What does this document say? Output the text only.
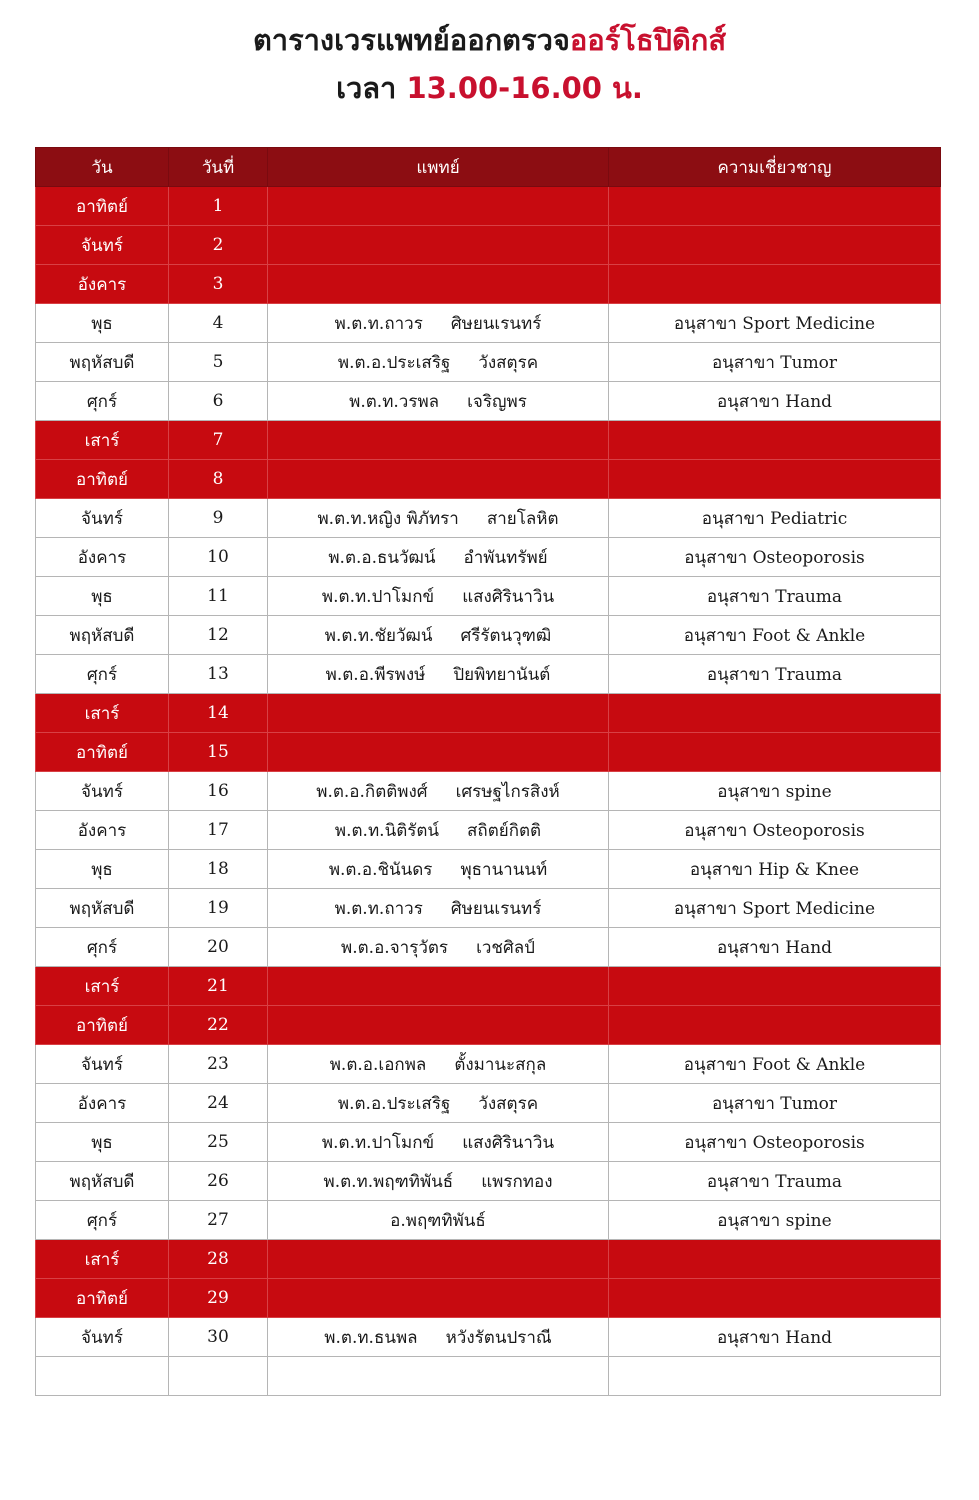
ตารางเวรแพทย์ออกตรวจออร์โธปิดิกส์
เวลา 13.00-16.00 น.
วัน	วันที่	แพทย์	ความเชี่ยวชาญ
อาทิตย์	1		
จันทร์	2		
อังคาร	3		
พุธ	4	พ.ต.ท.ถาวร ศิษยนเรนทร์	อนุสาขา Sport Medicine
พฤหัสบดี	5	พ.ต.อ.ประเสริฐ วังสตุรค	อนุสาขา Tumor
ศุกร์	6	พ.ต.ท.วรพล เจริญพร	อนุสาขา Hand
เสาร์	7		
อาทิตย์	8		
จันทร์	9	พ.ต.ท.หญิง พิภัทรา สายโลหิต	อนุสาขา Pediatric
อังคาร	10	พ.ต.อ.ธนวัฒน์ อำพันทรัพย์	อนุสาขา Osteoporosis
พุธ	11	พ.ต.ท.ปาโมกข์ แสงศิรินาวิน	อนุสาขา Trauma
พฤหัสบดี	12	พ.ต.ท.ชัยวัฒน์ ศรีรัตนวุฑฒิ	อนุสาขา Foot & Ankle
ศุกร์	13	พ.ต.อ.พีรพงษ์ ปิยพิทยานันต์	อนุสาขา Trauma
เสาร์	14		
อาทิตย์	15		
จันทร์	16	พ.ต.อ.กิตติพงศ์ เศรษฐไกรสิงห์	อนุสาขา spine
อังคาร	17	พ.ต.ท.นิติรัตน์ สถิตย์กิตติ	อนุสาขา Osteoporosis
พุธ	18	พ.ต.อ.ชินันดร พุธานานนท์	อนุสาขา Hip & Knee
พฤหัสบดี	19	พ.ต.ท.ถาวร ศิษยนเรนทร์	อนุสาขา Sport Medicine
ศุกร์	20	พ.ต.อ.จารุวัตร เวชศิลป์	อนุสาขา Hand
เสาร์	21		
อาทิตย์	22		
จันทร์	23	พ.ต.อ.เอกพล ตั้งมานะสกุล	อนุสาขา Foot & Ankle
อังคาร	24	พ.ต.อ.ประเสริฐ วังสตุรค	อนุสาขา Tumor
พุธ	25	พ.ต.ท.ปาโมกข์ แสงศิรินาวิน	อนุสาขา Osteoporosis
พฤหัสบดี	26	พ.ต.ท.พฤฑทิพันธ์ แพรกทอง	อนุสาขา Trauma
ศุกร์	27	อ.พฤฑทิพันธ์	อนุสาขา spine
เสาร์	28		
อาทิตย์	29		
จันทร์	30	พ.ต.ท.ธนพล หวังรัตนปราณี	อนุสาขา Hand
